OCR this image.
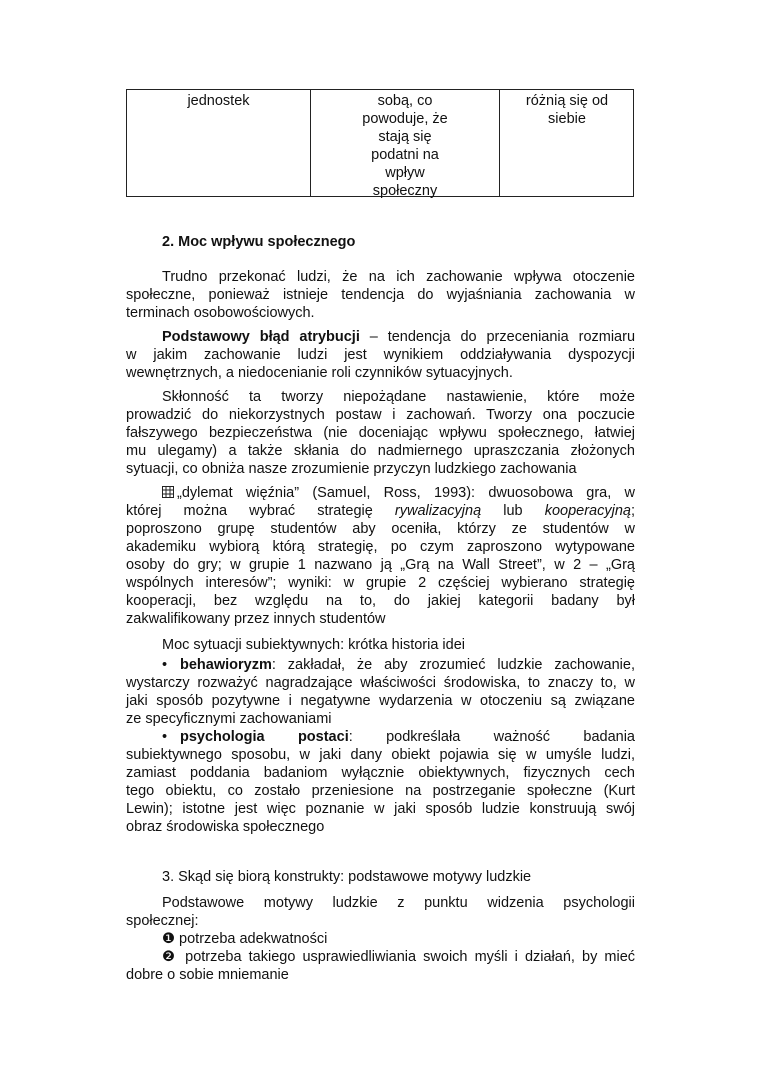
jednostek	sobą, co
powoduje, że
stają się
podatni na
wpływ
społeczny
różnią się od
siebie
2. Moc wpływu społecznego
Trudno przekonać ludzi, że na ich zachowanie wpływa otoczenie
społeczne, ponieważ istnieje tendencja do wyjaśniania zachowania w
terminach osobowościowych.
Podstawowy błąd atrybucji – tendencja do przeceniania rozmiaru
w jakim zachowanie ludzi jest wynikiem oddziaływania dyspozycji
wewnętrznych, a niedocenianie roli czynników sytuacyjnych.
Skłonność ta tworzy niepożądane nastawienie, które może
prowadzić do niekorzystnych postaw i zachowań. Tworzy ona poczucie
fałszywego bezpieczeństwa (nie doceniając wpływu społecznego, łatwiej
mu ulegamy) a także skłania do nadmiernego upraszczania złożonych
sytuacji, co obniża nasze zrozumienie przyczyn ludzkiego zachowania
„dylemat więźnia” (Samuel, Ross, 1993): dwuosobowa gra, w
której można wybrać strategię rywalizacyjną lub kooperacyjną;
poproszono grupę studentów aby oceniła, którzy ze studentów w
akademiku wybiorą którą strategię, po czym zaproszono wytypowane
osoby do gry; w grupie 1 nazwano ją „Grą na Wall Street”, w 2 – „Grą
wspólnych interesów”; wyniki: w grupie 2 częściej wybierano strategię
kooperacji, bez względu na to, do jakiej kategorii badany był
zakwalifikowany przez innych studentów
Moc sytuacji subiektywnych: krótka historia idei
• behawioryzm: zakładał, że aby zrozumieć ludzkie zachowanie,
wystarczy rozważyć nagradzające właściwości środowiska, to znaczy to, w
jaki sposób pozytywne i negatywne wydarzenia w otoczeniu są związane
ze specyficznymi zachowaniami
• psychologia postaci: podkreślała ważność badania
subiektywnego sposobu, w jaki dany obiekt pojawia się w umyśle ludzi,
zamiast poddania badaniom wyłącznie obiektywnych, fizycznych cech
tego obiektu, co zostało przeniesione na postrzeganie społeczne (Kurt
Lewin); istotne jest więc poznanie w jaki sposób ludzie konstruują swój
obraz środowiska społecznego
3. Skąd się biorą konstrukty: podstawowe motywy ludzkie
Podstawowe motywy ludzkie z punktu widzenia psychologii
społecznej:
❶ potrzeba adekwatności
❷ potrzeba takiego usprawiedliwiania swoich myśli i działań, by mieć
dobre o sobie mniemanie
